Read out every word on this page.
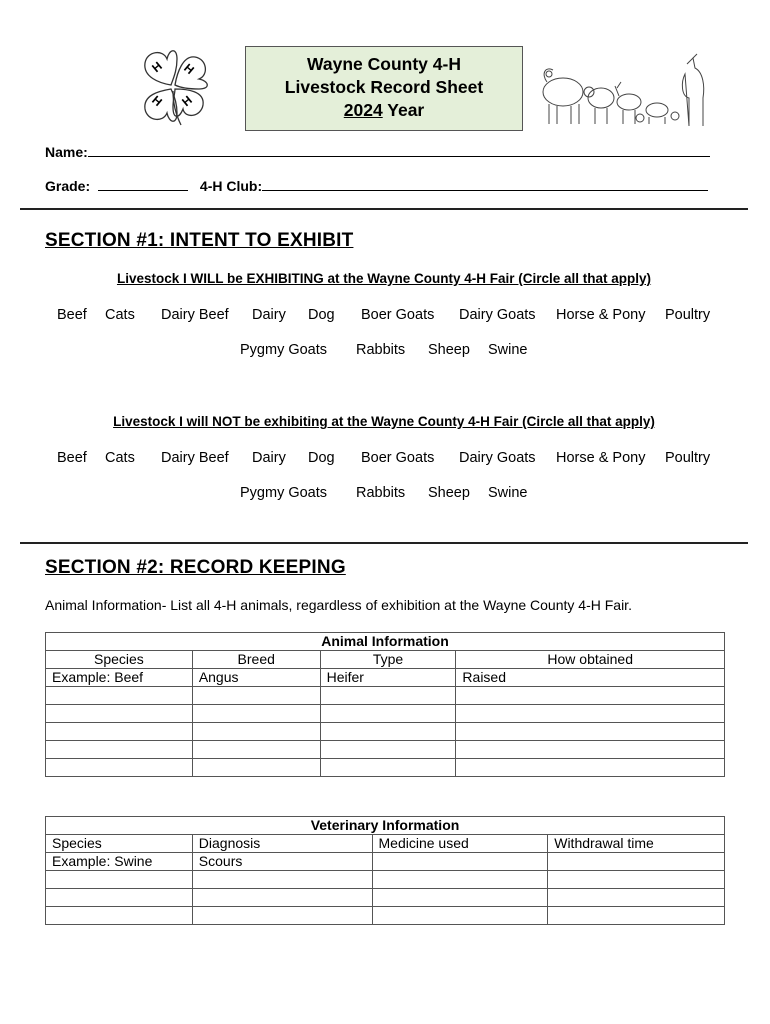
H H
H H
Wayne County 4-H
Livestock Record Sheet
2024 Year
Name:
Grade:	4-H Club:
SECTION #1: INTENT TO EXHIBIT
Livestock I WILL be EXHIBITING at the Wayne County 4-H Fair (Circle all that apply)
Beef Cats Dairy Beef Dairy Dog Boer Goats Dairy Goats Horse & Pony Poultry
Pygmy Goats Rabbits Sheep Swine
Livestock I will NOT be exhibiting at the Wayne County 4-H Fair (Circle all that apply)
Beef Cats Dairy Beef Dairy Dog Boer Goats Dairy Goats Horse & Pony Poultry
Pygmy Goats Rabbits Sheep Swine
SECTION #2: RECORD KEEPING
Animal Information- List all 4-H animals, regardless of exhibition at the Wayne County 4-H Fair.
Animal Information			
Species	Breed	Type	How obtained
Example: Beef	Angus	Heifer	Raised

Veterinary Information			
Species	Diagnosis	Medicine used	Withdrawal time
Example: Swine	Scours		
